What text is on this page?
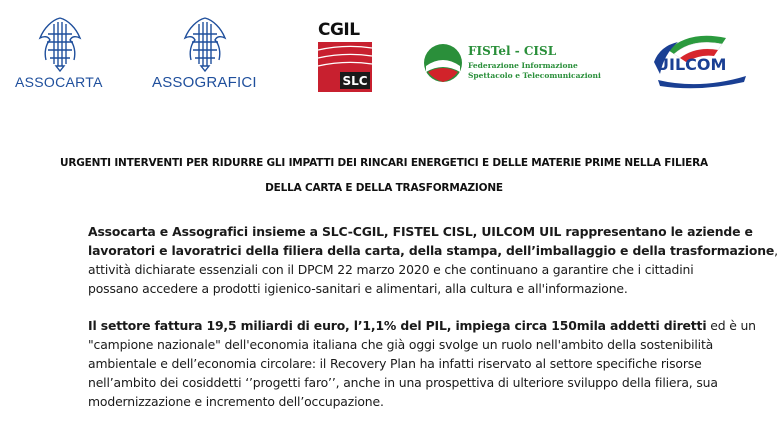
ASSOCARTA	ASSOGRAFICI
CGIL
SLC
FISTel - CISL
Federazione Informazione
Spettacolo e Telecomunicazioni
UILCOM
URGENTI INTERVENTI PER RIDURRE GLI IMPATTI DEI RINCARI ENERGETICI E DELLE MATERIE PRIME NELLA FILIERA
DELLA CARTA E DELLA TRASFORMAZIONE
Assocarta e Assografici insieme a SLC-CGIL, FISTEL CISL, UILCOM UIL rappresentano le aziende e
lavoratori e lavoratrici della filiera della carta, della stampa, dell’imballaggio e della trasformazione,
attività dichiarate essenziali con il DPCM 22 marzo 2020 e che continuano a garantire che i cittadini
possano accedere a prodotti igienico-sanitari e alimentari, alla cultura e all'informazione.
Il settore fattura 19,5 miliardi di euro, l’1,1% del PIL, impiega circa 150mila addetti diretti ed è un
"campione nazionale" dell'economia italiana che già oggi svolge un ruolo nell'ambito della sostenibilità
ambientale e dell’economia circolare: il Recovery Plan ha infatti riservato al settore specifiche risorse
nell’ambito dei cosiddetti ‘’progetti faro’’, anche in una prospettiva di ulteriore sviluppo della filiera, sua
modernizzazione e incremento dell’occupazione.
